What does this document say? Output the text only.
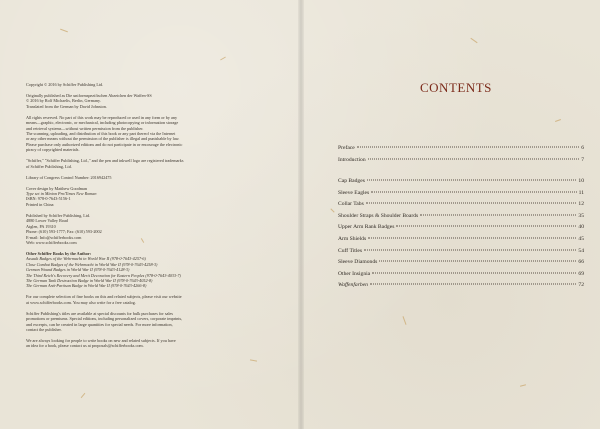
Copyright © 2016 by Schiffer Publishing Ltd.

Originally published as Die uniformspezifischen Abzeichen der Waffen-SS
© 2016 by Rolf Michaelis, Berlin, Germany.
Translated from the German by David Johnston.

All rights reserved. No part of this work may be reproduced or used in any form or by any
means—graphic, electronic, or mechanical, including photocopying or information storage
and retrieval systems—without written permission from the publisher.
The scanning, uploading, and distribution of this book or any part thereof via the Internet
or any other means without the permission of the publisher is illegal and punishable by law.
Please purchase only authorized editions and do not participate in or encourage the electronic
piracy of copyrighted materials.

"Schiffer," "Schiffer Publishing, Ltd.," and the pen and inkwell logo are registered trademarks
of Schiffer Publishing, Ltd.

Library of Congress Control Number: 2016942475

Cover design by Matthew Goodman
Type set in Minion Pro/Times New Roman
ISBN: 978-0-7643-5156-1
Printed in China

Published by Schiffer Publishing, Ltd.
4880 Lower Valley Road
Atglen, PA 19310
Phone: (610) 593-1777; Fax: (610) 593-2002
E-mail: Info@schifferbooks.com
Web: www.schifferbooks.com

Other Schiffer Books by the Author:
Assault Badges of the Wehrmacht in World War II (978-0-7643-4257-6)
Close Combat Badges of the Wehrmacht in World War II (978-0-7643-4258-3)
German Wound Badges in World War II (978-0-7643-4128-3)
The Third Reich's Recovery and Merit Decoration for Eastern Peoples (978-0-7643-4033-7)
The German Tank Destruction Badge in World War II (978-0-7643-4052-8)
The German Anti-Partisan Badge in World War II (978-0-7643-4266-8)

For our complete selection of fine books on this and related subjects, please visit our website
at www.schifferbooks.com. You may also write for a free catalog.

Schiffer Publishing's titles are available at special discounts for bulk purchases for sales
promotions or premiums. Special editions, including personalized covers, corporate imprints,
and excerpts, can be created in large quantities for special needs. For more information,
contact the publisher.

We are always looking for people to write books on new and related subjects. If you have
an idea for a book, please contact us at proposals@schifferbooks.com.

CONTENTS
Preface	6
Introduction	7
Cap Badges	10
Sleeve Eagles	11
Collar Tabs	12
Shoulder Straps & Shoulder Boards	35
Upper Arm Rank Badges	40
Arm Shields	45
Cuff Titles	54
Sleeve Diamonds	66
Other Insignia	69
Waffenfarben	72
